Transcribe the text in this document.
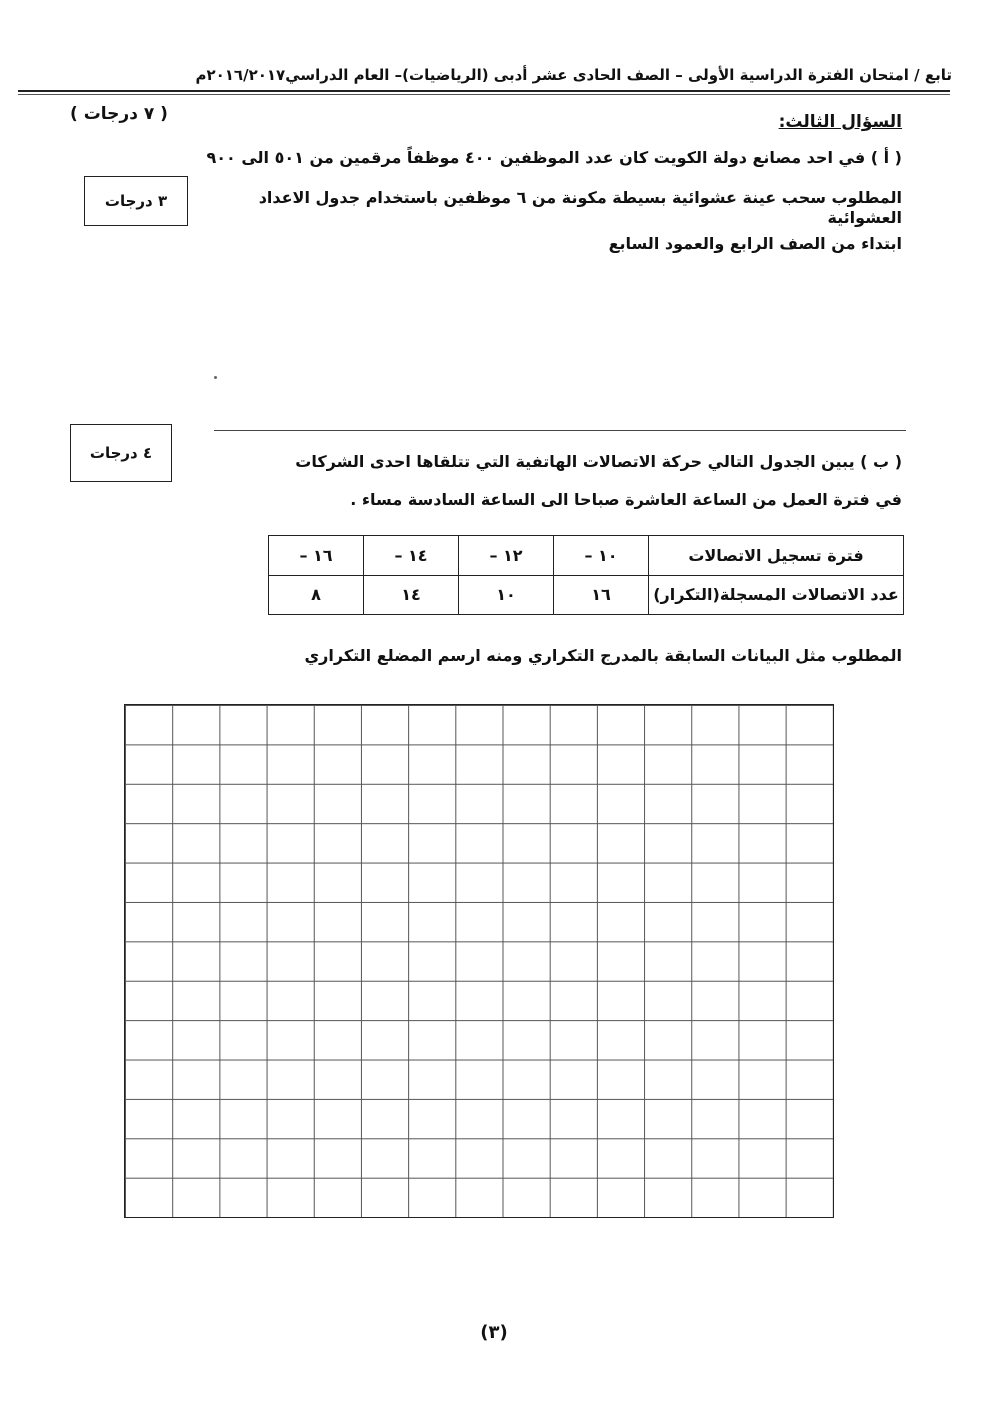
تابع / امتحان الفترة الدراسية الأولى – الصف الحادى عشر أدبى (الرياضيات)– العام الدراسي٢٠١٦/٢٠١٧م
السؤال الثالث:
( ٧ درجات )
( أ ) في احد مصانع دولة الكويت كان عدد الموظفين ٤٠٠ موظفاً مرقمين من ٥٠١ الى ٩٠٠
المطلوب سحب عينة عشوائية بسيطة مكونة من ٦ موظفين باستخدام جدول الاعداد العشوائية
ابتداء من الصف الرابع والعمود السابع
٣ درجات
٤ درجات	( ب ) يبين الجدول التالي حركة الاتصالات الهاتفية التي تتلقاها احدى الشركات
في فترة العمل من الساعة العاشرة صباحا الى الساعة السادسة مساء .
فترة تسجيل الاتصالات	١٠ –	١٢ –	١٤ –	١٦ –
عدد الاتصالات المسجلة(التكرار)	١٦	١٠	١٤	٨
المطلوب مثل البيانات السابقة بالمدرج التكراري ومنه ارسم المضلع التكراري
(٣)
